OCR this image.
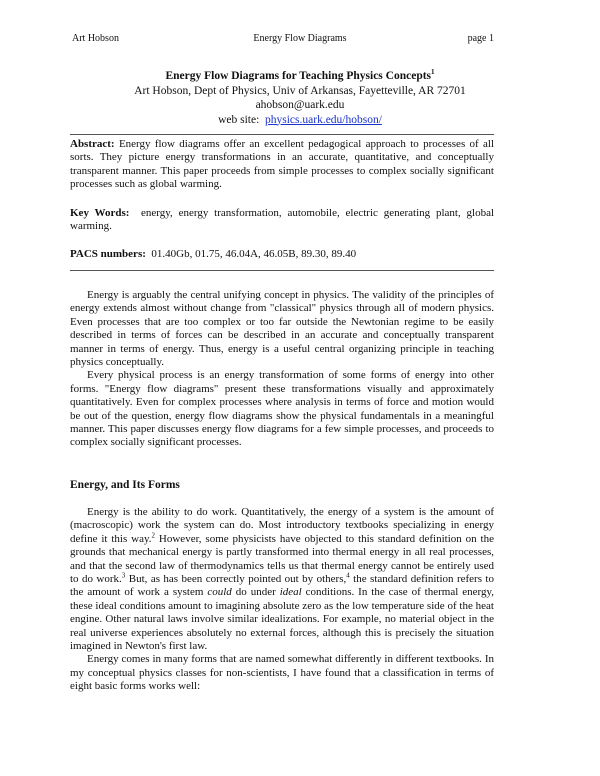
Art Hobson	Energy Flow Diagrams	page 1
Energy Flow Diagrams for Teaching Physics Concepts$^1$
Art Hobson, Dept of Physics, Univ of Arkansas, Fayetteville, AR 72701
ahobson@uark.edu
web site: physics.uark.edu/hobson/

Abstract: Energy flow diagrams offer an excellent pedagogical approach to processes of all sorts. They picture energy transformations in an accurate, quantitative, and conceptually transparent manner. This paper proceeds from simple processes to complex socially significant processes such as global warming.

Key Words: energy, energy transformation, automobile, electric generating plant, global warming.

PACS numbers: 01.40Gb, 01.75, 46.04A, 46.05B, 89.30, 89.40

Energy is arguably the central unifying concept in physics. The validity of the principles of energy extends almost without change from "classical" physics through all of modern physics. Even processes that are too complex or too far outside the Newtonian regime to be easily described in terms of forces can be described in an accurate and conceptually transparent manner in terms of energy. Thus, energy is a useful central organizing principle in teaching physics conceptually.

Every physical process is an energy transformation of some forms of energy into other forms. "Energy flow diagrams" present these transformations visually and approximately quantitatively. Even for complex processes where analysis in terms of force and motion would be out of the question, energy flow diagrams show the physical fundamentals in a meaningful manner. This paper discusses energy flow diagrams for a few simple processes, and proceeds to complex socially significant processes.

Energy, and Its Forms

Energy is the ability to do work. Quantitatively, the energy of a system is the amount of (macroscopic) work the system can do. Most introductory textbooks specializing in energy define it this way.$^2$ However, some physicists have objected to this standard definition on the grounds that mechanical energy is partly transformed into thermal energy in all real processes, and that the second law of thermodynamics tells us that thermal energy cannot be entirely used to do work.$^3$ But, as has been correctly pointed out by others,$^4$ the standard definition refers to the amount of work a system could do under ideal conditions. In the case of thermal energy, these ideal conditions amount to imagining absolute zero as the low temperature side of the heat engine. Other natural laws involve similar idealizations. For example, no material object in the real universe experiences absolutely no external forces, although this is precisely the situation imagined in Newton's first law.

Energy comes in many forms that are named somewhat differently in different textbooks. In my conceptual physics classes for non-scientists, I have found that a classification in terms of eight basic forms works well:
